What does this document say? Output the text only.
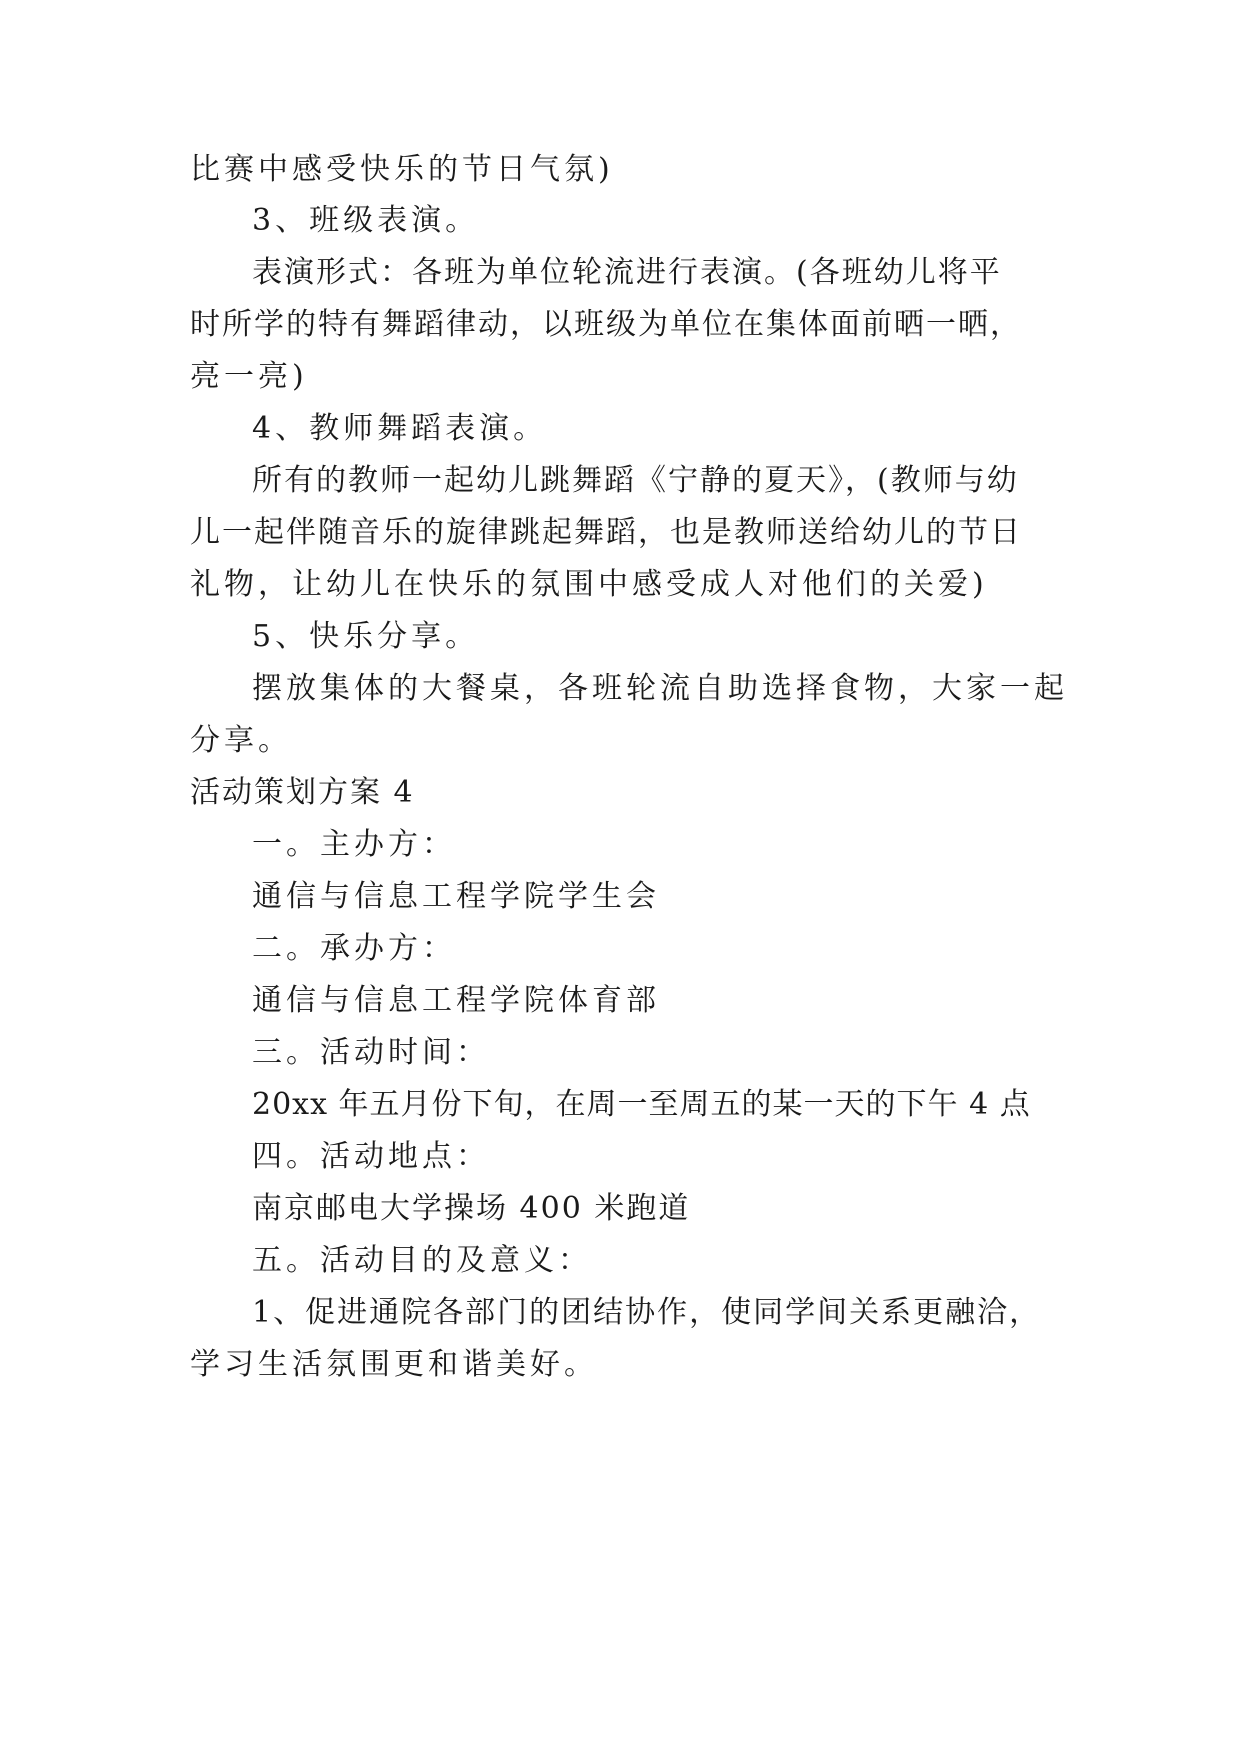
比赛中感受快乐的节日气氛)
3、班级表演。
表演形式：各班为单位轮流进行表演。(各班幼儿将平
时所学的特有舞蹈律动，以班级为单位在集体面前晒一晒，
亮一亮)
4、教师舞蹈表演。
所有的教师一起幼儿跳舞蹈《宁静的夏天》，(教师与幼
儿一起伴随音乐的旋律跳起舞蹈，也是教师送给幼儿的节日
礼物，让幼儿在快乐的氛围中感受成人对他们的关爱)
5、快乐分享。
摆放集体的大餐桌，各班轮流自助选择食物，大家一起
分享。
活动策划方案 4
一。主办方：
通信与信息工程学院学生会
二。承办方：
通信与信息工程学院体育部
三。活动时间：
20xx 年五月份下旬，在周一至周五的某一天的下午 4 点
四。活动地点：
南京邮电大学操场 400 米跑道
五。活动目的及意义：
1、促进通院各部门的团结协作，使同学间关系更融洽，
学习生活氛围更和谐美好。
